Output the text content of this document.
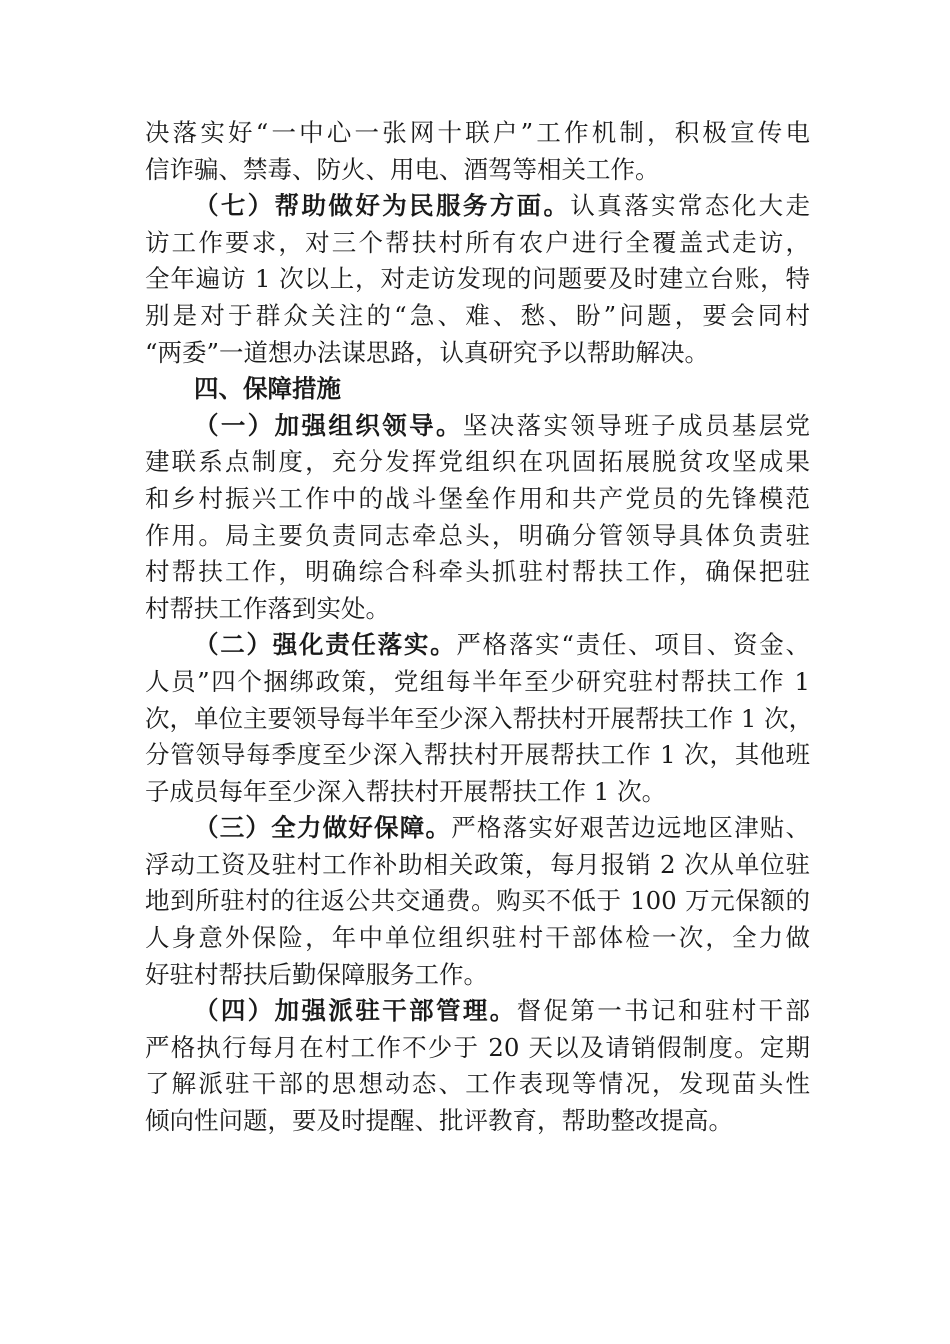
决落实好“一中心一张网十联户”工作机制，积极宣传电
信诈骗、禁毒、防火、用电、酒驾等相关工作。
（七）帮助做好为民服务方面。认真落实常态化大走
访工作要求，对三个帮扶村所有农户进行全覆盖式走访，
全年遍访 1 次以上，对走访发现的问题要及时建立台账，特
别是对于群众关注的“急、难、愁、盼”问题，要会同村
“两委”一道想办法谋思路，认真研究予以帮助解决。
四、保障措施
（一）加强组织领导。坚决落实领导班子成员基层党
建联系点制度，充分发挥党组织在巩固拓展脱贫攻坚成果
和乡村振兴工作中的战斗堡垒作用和共产党员的先锋模范
作用。局主要负责同志牵总头，明确分管领导具体负责驻
村帮扶工作，明确综合科牵头抓驻村帮扶工作，确保把驻
村帮扶工作落到实处。
（二）强化责任落实。严格落实“责任、项目、资金、
人员”四个捆绑政策，党组每半年至少研究驻村帮扶工作 1
次，单位主要领导每半年至少深入帮扶村开展帮扶工作 1 次，
分管领导每季度至少深入帮扶村开展帮扶工作 1 次，其他班
子成员每年至少深入帮扶村开展帮扶工作 1 次。
（三）全力做好保障。严格落实好艰苦边远地区津贴、
浮动工资及驻村工作补助相关政策，每月报销 2 次从单位驻
地到所驻村的往返公共交通费。购买不低于 100 万元保额的
人身意外保险，年中单位组织驻村干部体检一次，全力做
好驻村帮扶后勤保障服务工作。
（四）加强派驻干部管理。督促第一书记和驻村干部
严格执行每月在村工作不少于 20 天以及请销假制度。定期
了解派驻干部的思想动态、工作表现等情况，发现苗头性
倾向性问题，要及时提醒、批评教育，帮助整改提高。
